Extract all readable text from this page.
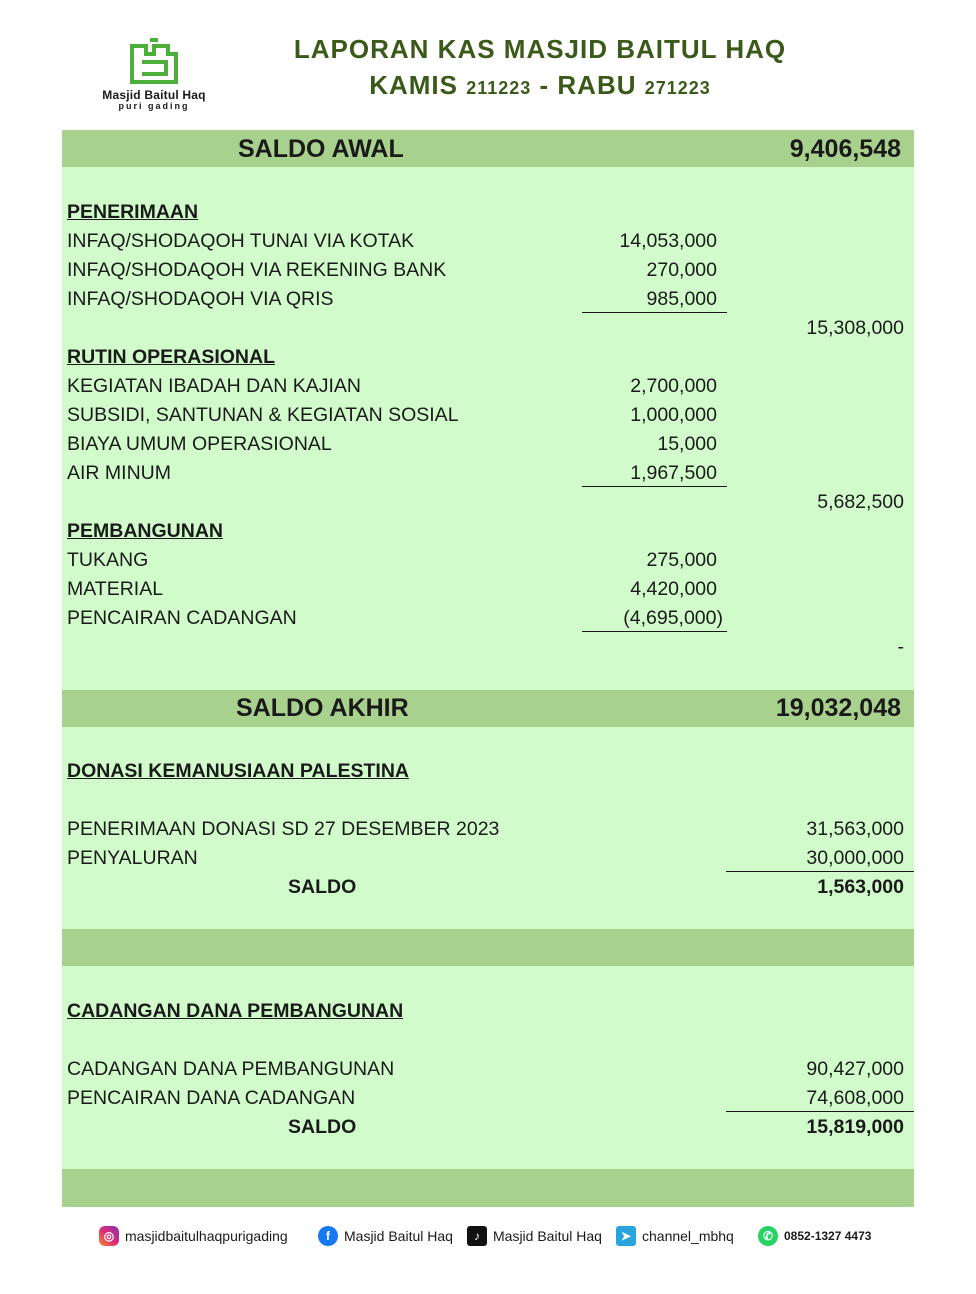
Masjid Baitul Haq
puri gading
LAPORAN KAS MASJID BAITUL HAQ
KAMIS 211223 - RABU 271223
SALDO AWAL	9,406,548
PENERIMAAN
INFAQ/SHODAQOH TUNAI VIA KOTAK	14,053,000
INFAQ/SHODAQOH VIA REKENING BANK	270,000
INFAQ/SHODAQOH VIA QRIS	985,000
15,308,000
RUTIN OPERASIONAL
KEGIATAN IBADAH DAN KAJIAN	2,700,000
SUBSIDI, SANTUNAN & KEGIATAN SOSIAL	1,000,000
BIAYA UMUM OPERASIONAL	15,000
AIR MINUM	1,967,500
5,682,500
PEMBANGUNAN
TUKANG	275,000
MATERIAL	4,420,000
PENCAIRAN CADANGAN	(4,695,000)
-
SALDO AKHIR	19,032,048
DONASI KEMANUSIAAN PALESTINA
PENERIMAAN DONASI SD 27 DESEMBER 2023	31,563,000
PENYALURAN	30,000,000
SALDO	1,563,000
CADANGAN DANA PEMBANGUNAN
CADANGAN DANA PEMBANGUNAN	90,427,000
PENCAIRAN DANA CADANGAN	74,608,000
SALDO	15,819,000
◎ masjidbaitulhaqpurigading	f	Masjid Baitul Haq	♪ Masjid Baitul Haq	➤ channel_mbhq	✆ 0852-1327 4473
